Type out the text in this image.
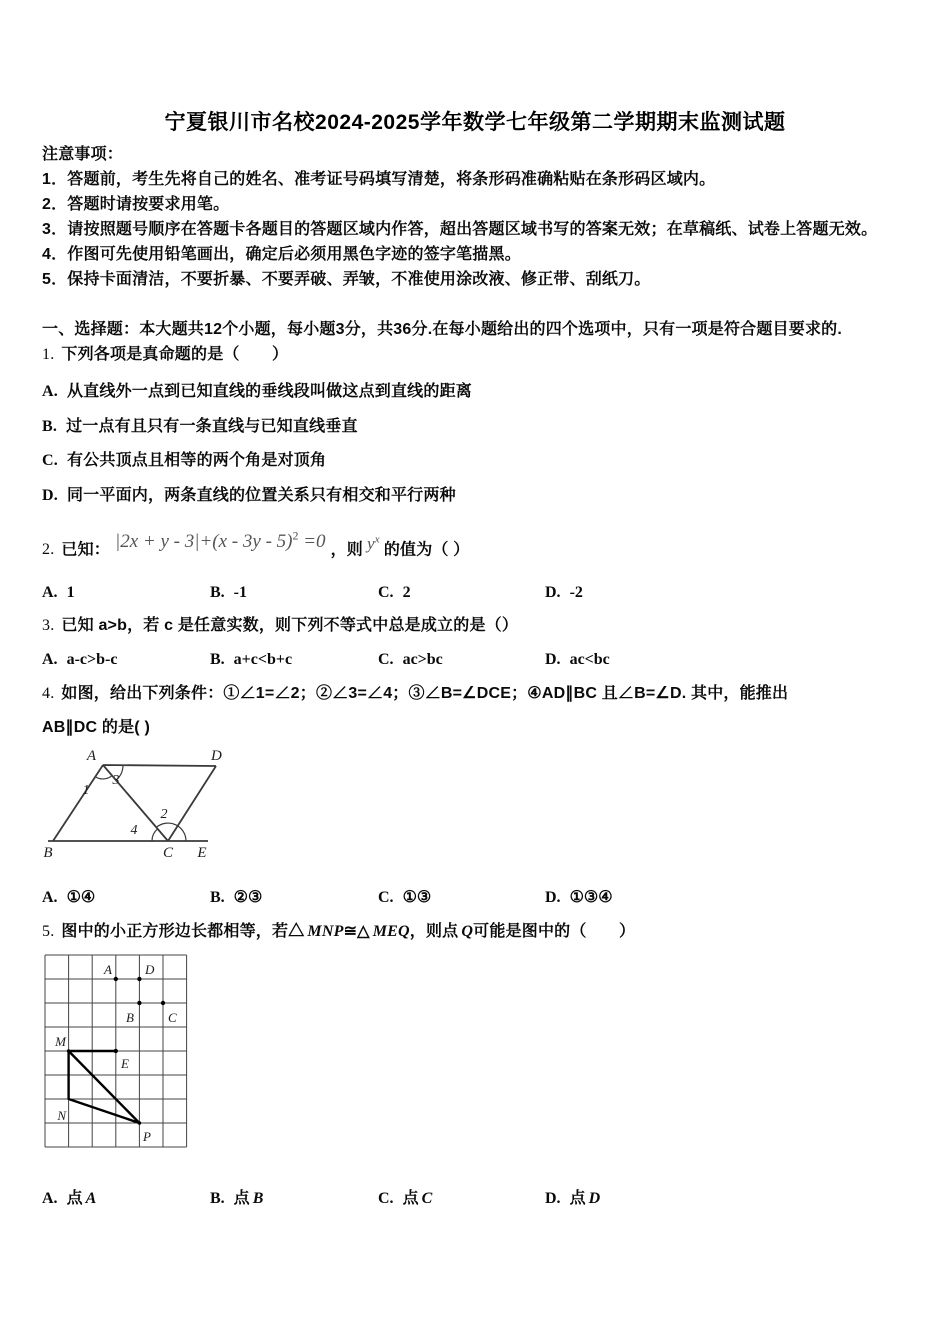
宁夏银川市名校2024-2025学年数学七年级第二学期期末监测试题
注意事项：
1．答题前，考生先将自己的姓名、准考证号码填写清楚，将条形码准确粘贴在条形码区域内。
2．答题时请按要求用笔。
3．请按照题号顺序在答题卡各题目的答题区域内作答，超出答题区域书写的答案无效；在草稿纸、试卷上答题无效。
4．作图可先使用铅笔画出，确定后必须用黑色字迹的签字笔描黑。
5．保持卡面清洁，不要折暴、不要弄破、弄皱，不准使用涂改液、修正带、刮纸刀。
一、选择题：本大题共12个小题，每小题3分，共36分.在每小题给出的四个选项中，只有一项是符合题目要求的.
1. 下列各项是真命题的是（　　）
A. 从直线外一点到已知直线的垂线段叫做这点到直线的距离
B. 过一点有且只有一条直线与已知直线垂直
C. 有公共顶点且相等的两个角是对顶角
D. 同一平面内，两条直线的位置关系只有相交和平行两种
2. 已知： |2x + y - 3|+(x - 3y - 5)$^2$ =0 ，则 $y^x$的值为（ ）
A. 1	B. -1	C. 2	D. -2
3. 已知 a>b，若 c 是任意实数，则下列不等式中总是成立的是（）
A. a-c>b-c	B. a+c<b+c	C. ac>bc	D. ac<bc
4. 如图，给出下列条件：①∠1=∠2；②∠3=∠4；③∠B=∠DCE；④AD∥BC 且∠B=∠D. 其中，能推出
AB∥DC 的是( )
A	D
B	C E
1
3
2
4
A. ①④	B. ②③	C. ①③	D. ①③④
5. 图中的小正方形边长都相等，若△ MNP≅△ MEQ，则点 Q可能是图中的（　　）
A	D
B	C
M
E
N
P
A. 点 A	B. 点 B	C. 点 C	D. 点 D
